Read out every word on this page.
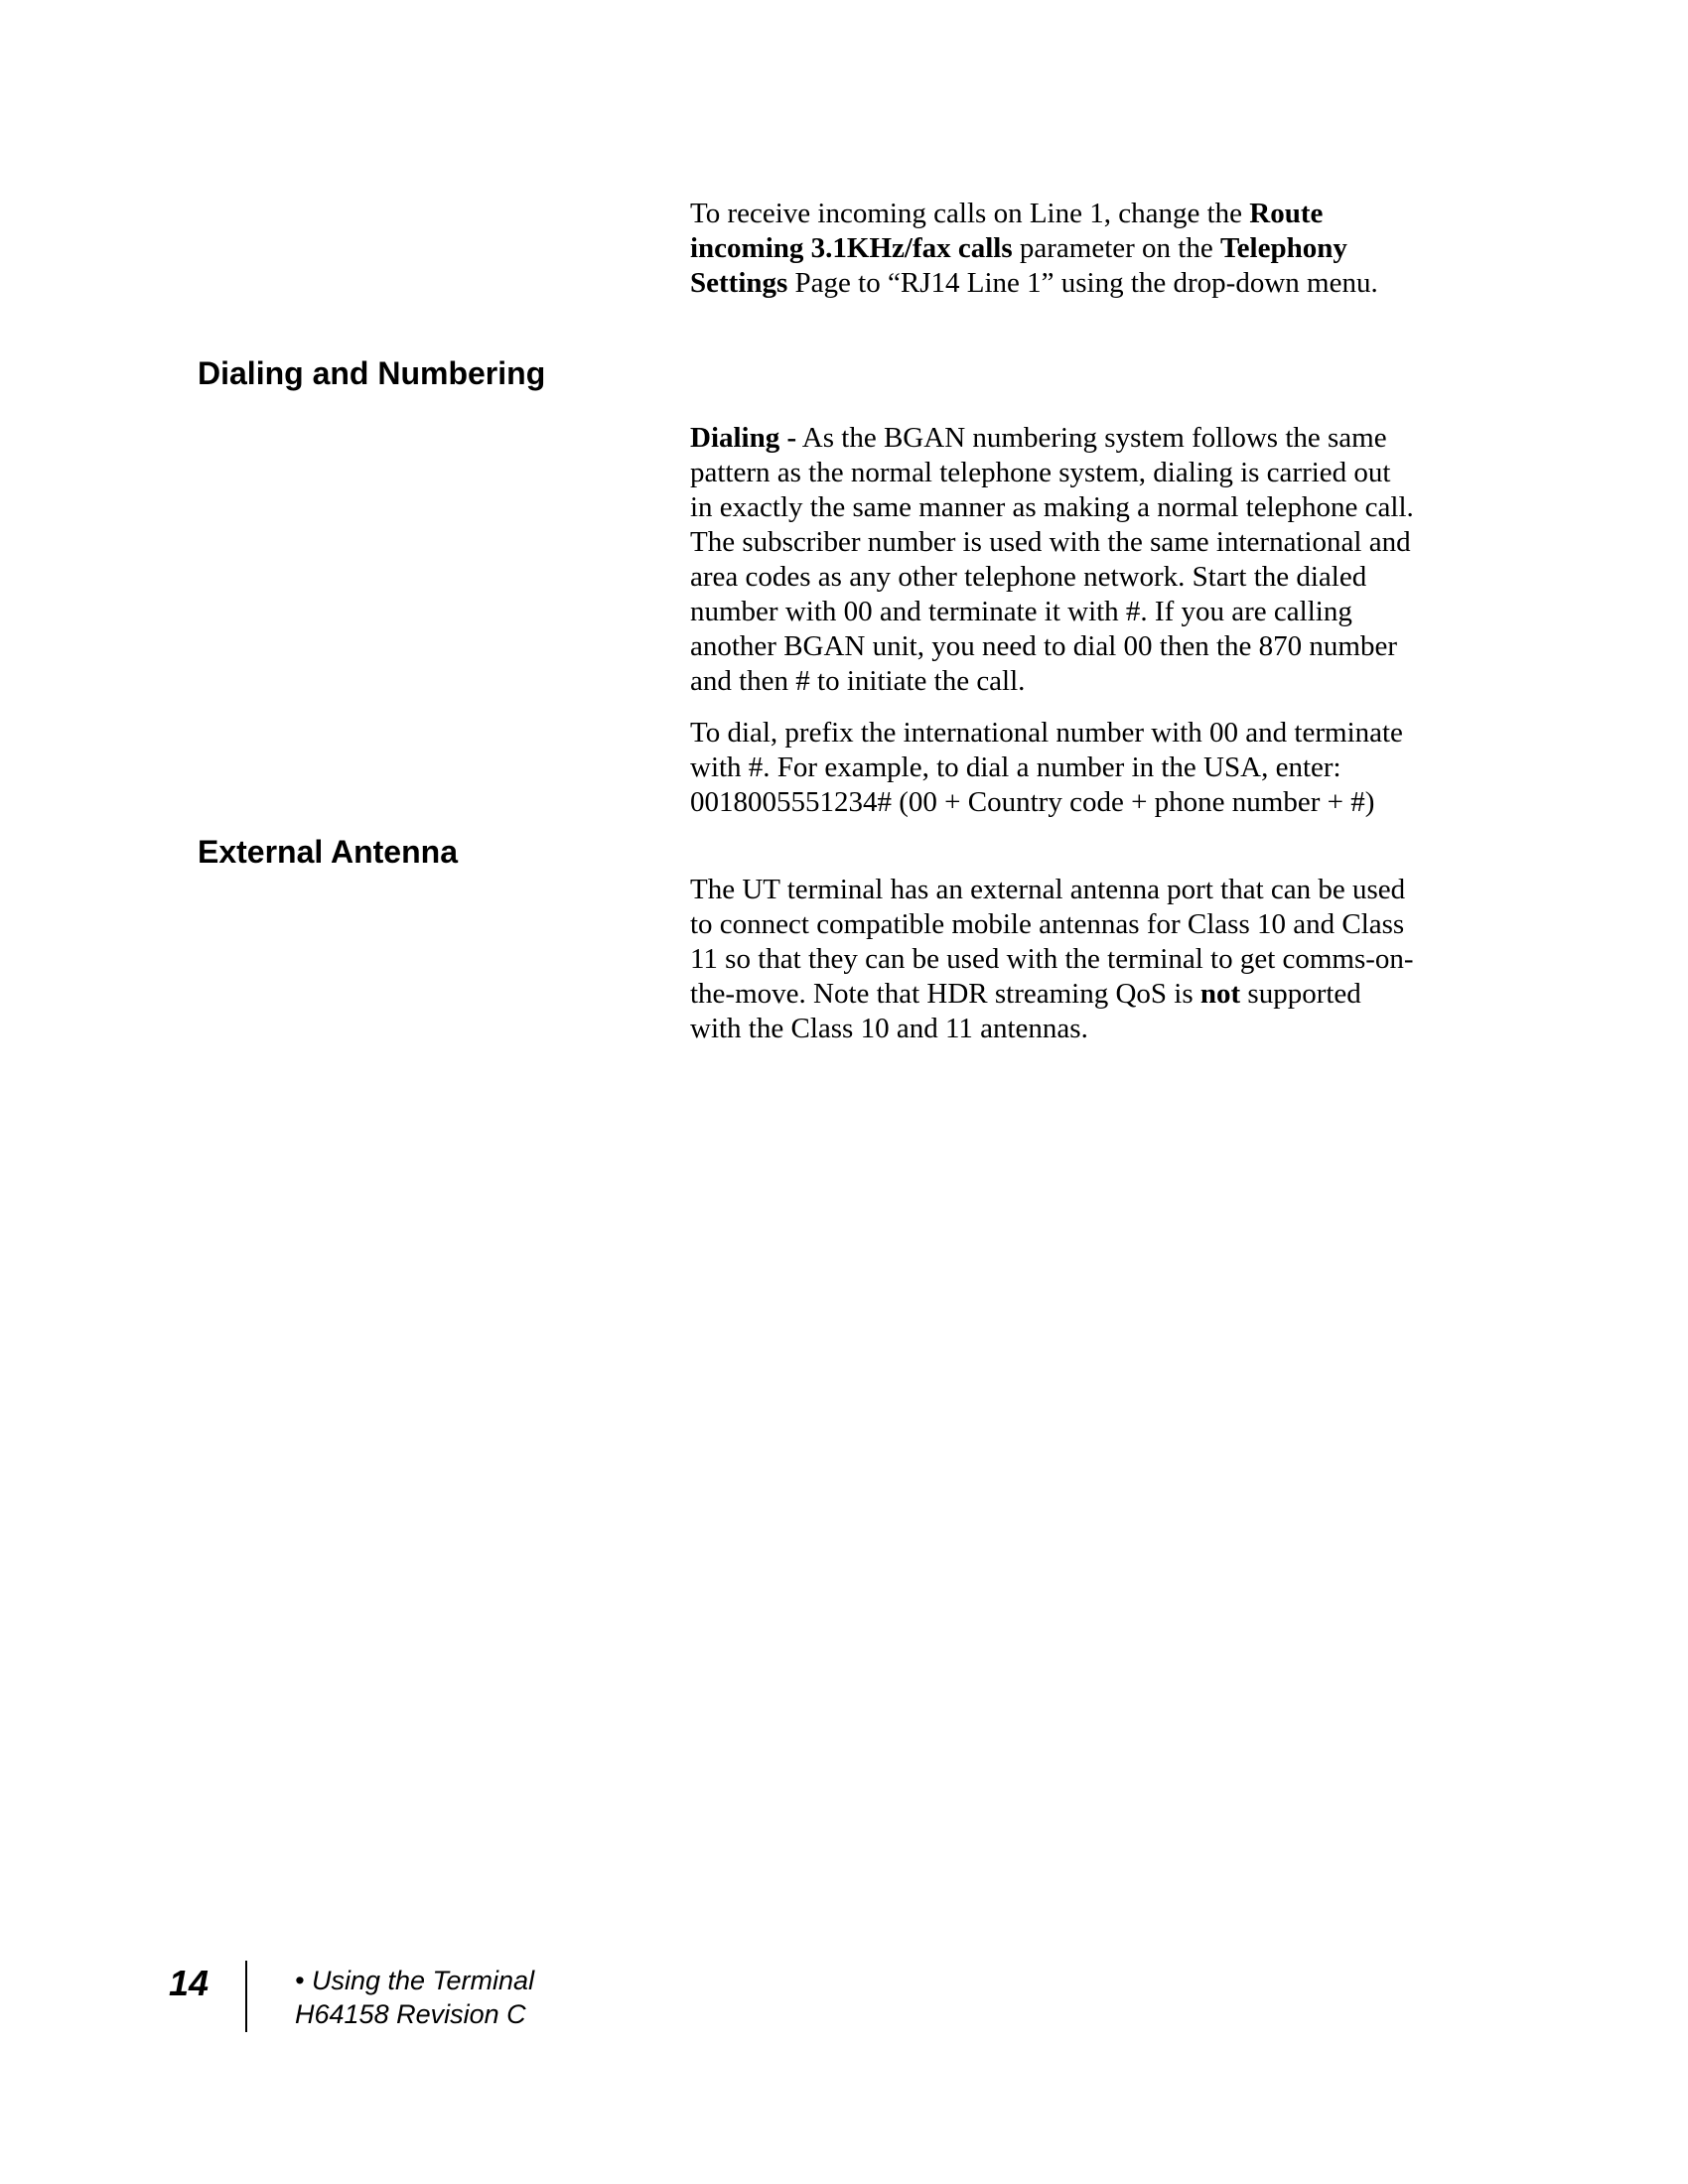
To receive incoming calls on Line 1, change the Route
incoming 3.1KHz/fax calls parameter on the Telephony
Settings Page to “RJ14 Line 1” using the drop-down menu.
Dialing and Numbering
Dialing - As the BGAN numbering system follows the same
pattern as the normal telephone system, dialing is carried out
in exactly the same manner as making a normal telephone call.
The subscriber number is used with the same international and
area codes as any other telephone network. Start the dialed
number with 00 and terminate it with #. If you are calling
another BGAN unit, you need to dial 00 then the 870 number
and then # to initiate the call.
To dial, prefix the international number with 00 and terminate
with #. For example, to dial a number in the USA, enter:
0018005551234# (00 + Country code + phone number + #)
External Antenna
The UT terminal has an external antenna port that can be used
to connect compatible mobile antennas for Class 10 and Class
11 so that they can be used with the terminal to get comms-on-
the-move. Note that HDR streaming QoS is not supported
with the Class 10 and 11 antennas.
14	• Using the Terminal
H64158 Revision C
